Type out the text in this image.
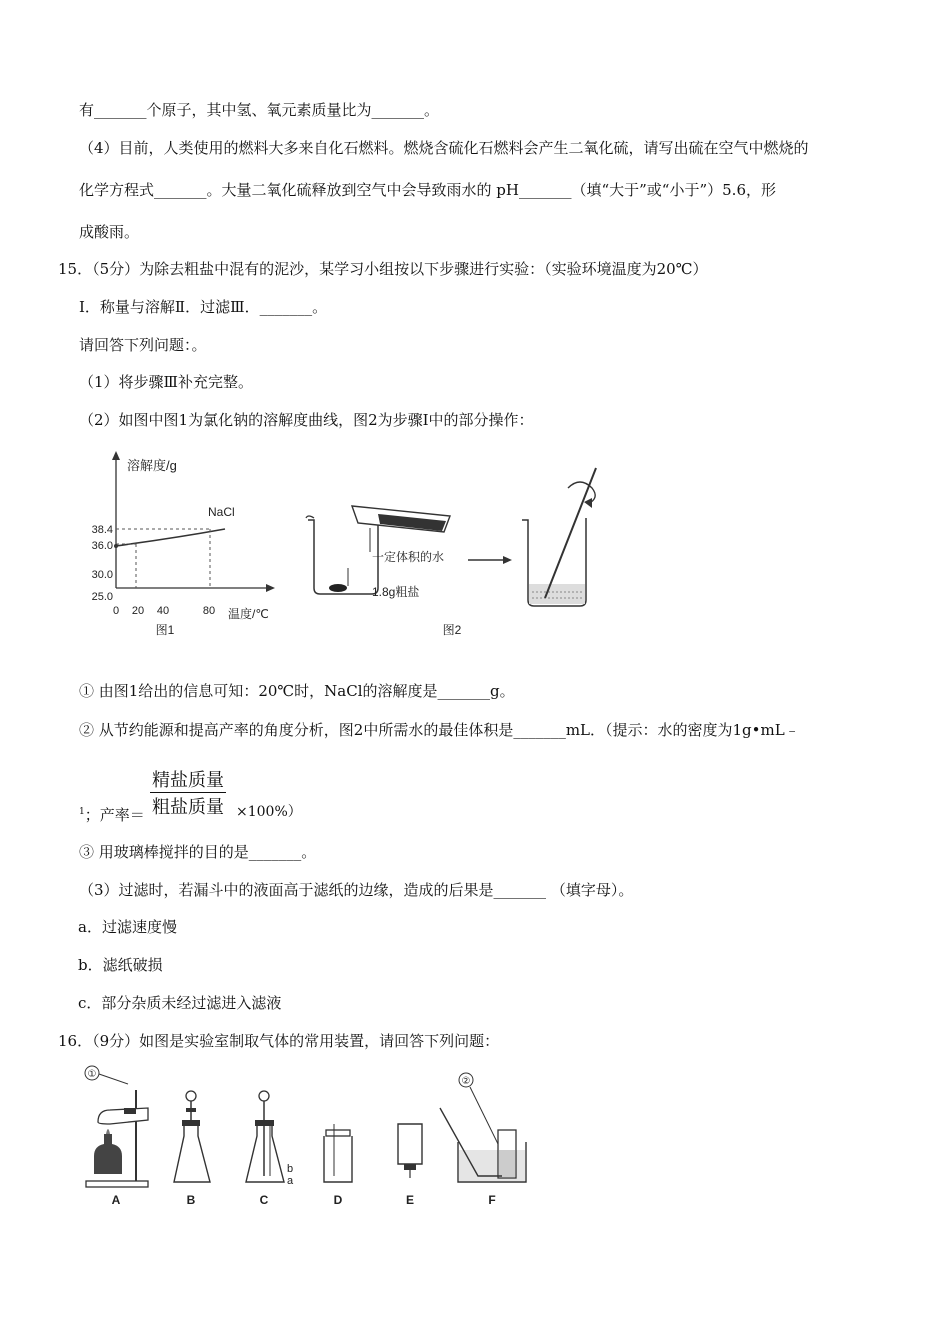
有_______个原子，其中氢、氧元素质量比为_______。
（4）目前，人类使用的燃料大多来自化石燃料。燃烧含硫化石燃料会产生二氧化硫，请写出硫在空气中燃烧的
化学方程式_______。大量二氧化硫释放到空气中会导致雨水的 pH_______（填“大于”或“小于”）5.6，形
成酸雨。
15．（5分）为除去粗盐中混有的泥沙，某学习小组按以下步骤进行实验：（实验环境温度为20℃）
I．称量与溶解Ⅱ．过滤Ⅲ．_______。
请回答下列问题：。
（1）将步骤Ⅲ补充完整。
（2）如图中图1为氯化钠的溶解度曲线，图2为步骤Ⅰ中的部分操作：
溶解度/g
NaCl
38.4
36.0
30.0
25.0
0 20 40	80 温度/℃
图1
一定体积的水
1.8g粗盐
图2
① 由图1给出的信息可知：20℃时，NaCl的溶解度是_______g。
② 从节约能源和提高产率的角度分析，图2中所需水的最佳体积是_______mL．（提示：水的密度为1g•mL﹣
$^1$；产率＝
精盐质量
粗盐质量 ×100%）
③ 用玻璃棒搅拌的目的是_______。
（3）过滤时，若漏斗中的液面高于滤纸的边缘，造成的后果是_______ （填字母）。
a．过滤速度慢
b．滤纸破损
c．部分杂质未经过滤进入滤液
16．（9分）如图是实验室制取气体的常用装置，请回答下列问题：
①
A	B
b
a
C	D	E
②
F
